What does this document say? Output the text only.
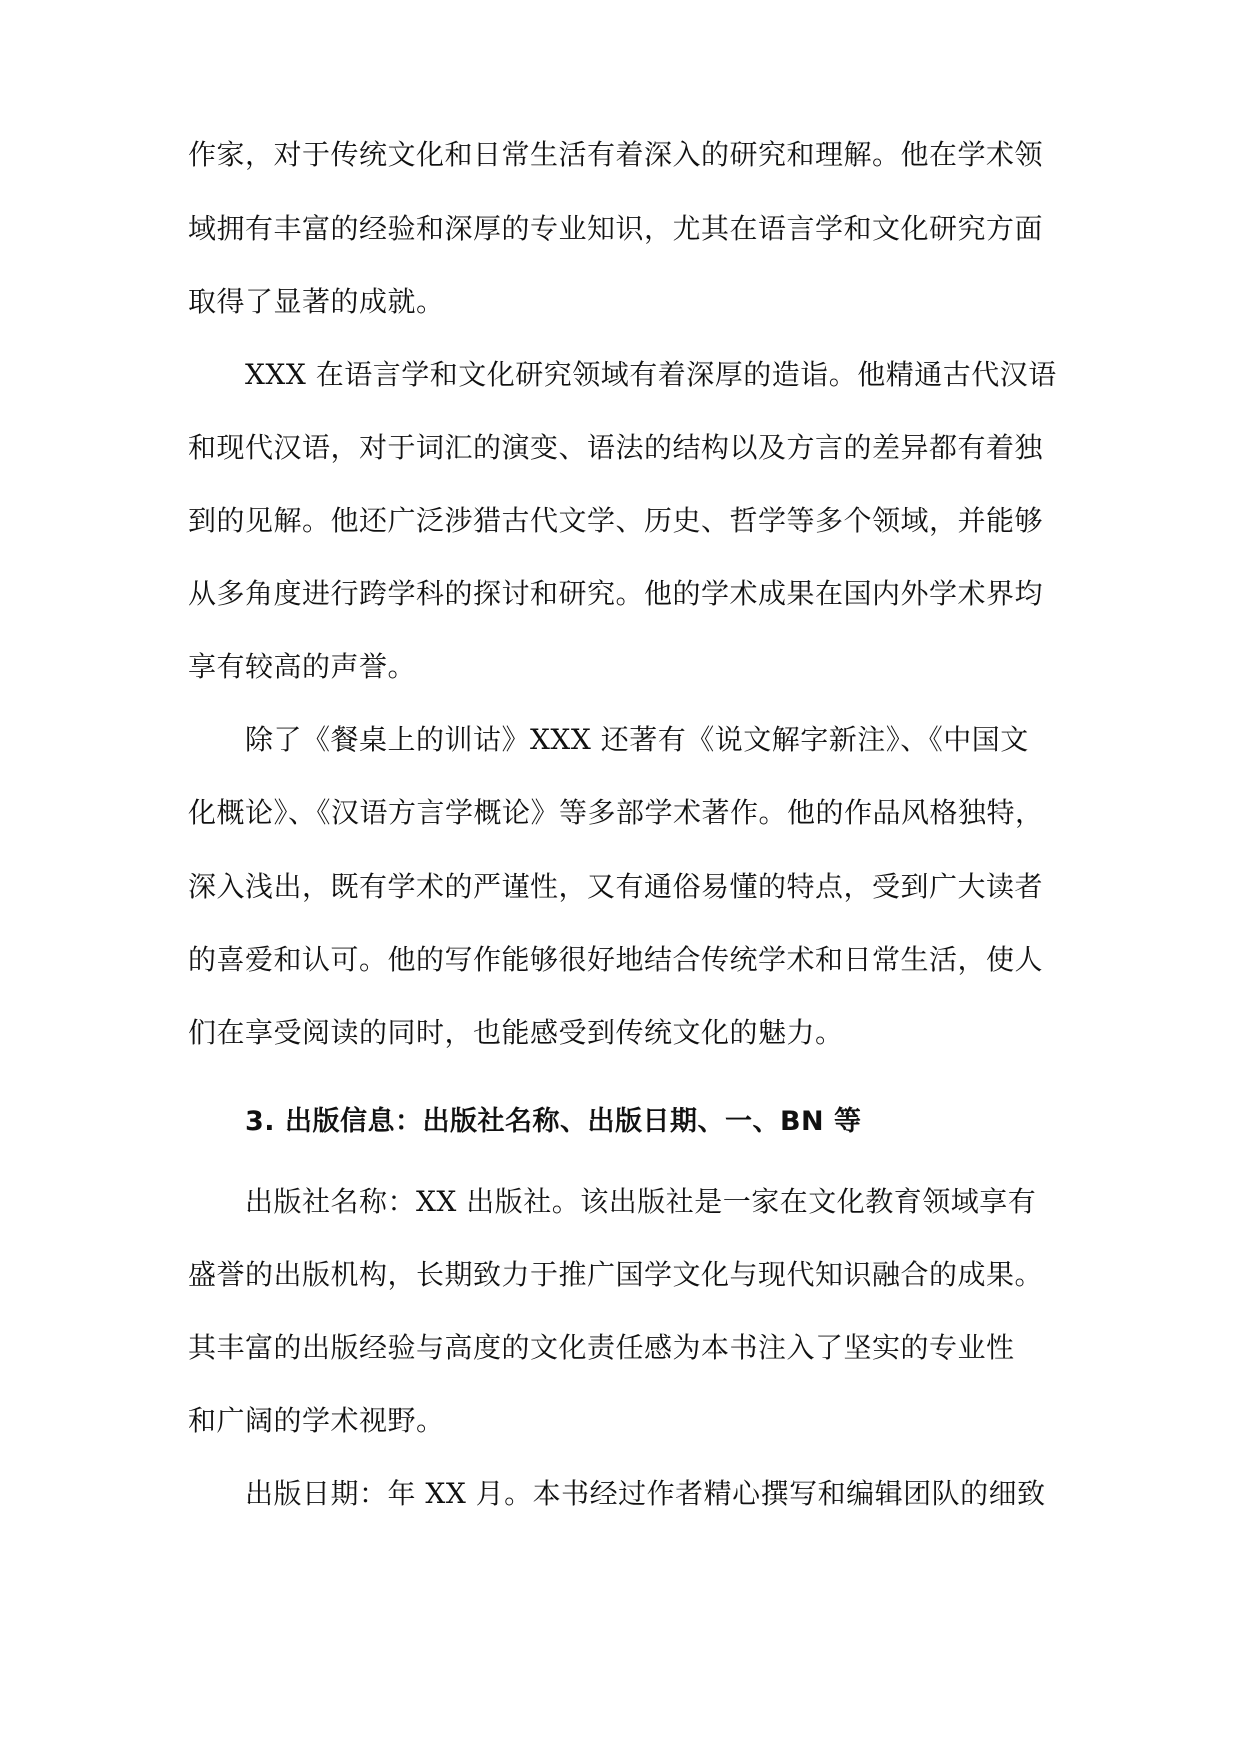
作家，对于传统文化和日常生活有着深入的研究和理解。他在学术领
域拥有丰富的经验和深厚的专业知识，尤其在语言学和文化研究方面
取得了显著的成就。
XXX 在语言学和文化研究领域有着深厚的造诣。他精通古代汉语
和现代汉语，对于词汇的演变、语法的结构以及方言的差异都有着独
到的见解。他还广泛涉猎古代文学、历史、哲学等多个领域，并能够
从多角度进行跨学科的探讨和研究。他的学术成果在国内外学术界均
享有较高的声誉。
除了《餐桌上的训诂》XXX 还著有《说文解字新注》、《中国文
化概论》、《汉语方言学概论》等多部学术著作。他的作品风格独特，
深入浅出，既有学术的严谨性，又有通俗易懂的特点，受到广大读者
的喜爱和认可。他的写作能够很好地结合传统学术和日常生活，使人
们在享受阅读的同时，也能感受到传统文化的魅力。
3. 出版信息：出版社名称、出版日期、一、BN 等
出版社名称：XX 出版社。该出版社是一家在文化教育领域享有
盛誉的出版机构，长期致力于推广国学文化与现代知识融合的成果。
其丰富的出版经验与高度的文化责任感为本书注入了坚实的专业性
和广阔的学术视野。
出版日期：年 XX 月。本书经过作者精心撰写和编辑团队的细致
